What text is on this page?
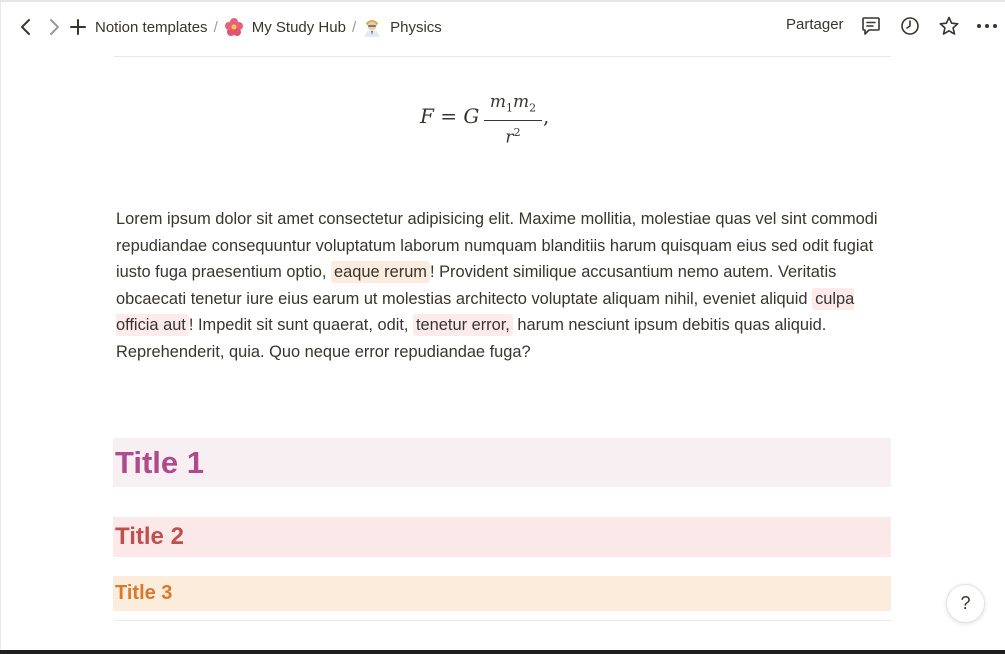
Notion templates / My Study Hub / Physics	Partager
F = G
$m_1m_2$
$r^2$
,
Lorem ipsum dolor sit amet consectetur adipisicing elit. Maxime mollitia, molestiae quas vel sint commodi repudiandae consequuntur voluptatum laborum numquam blanditiis harum quisquam eius sed odit fugiat iusto fuga praesentium optio, eaque rerum ! Provident similique accusantium nemo autem. Veritatis obcaecati tenetur iure eius earum ut molestias architecto voluptate aliquam nihil, eveniet aliquid culpa officia aut ! Impedit sit sunt quaerat, odit, tenetur error, harum nesciunt ipsum debitis quas aliquid. Reprehenderit, quia. Quo neque error repudiandae fuga?
Title 1
Title 2
Title 3	?
